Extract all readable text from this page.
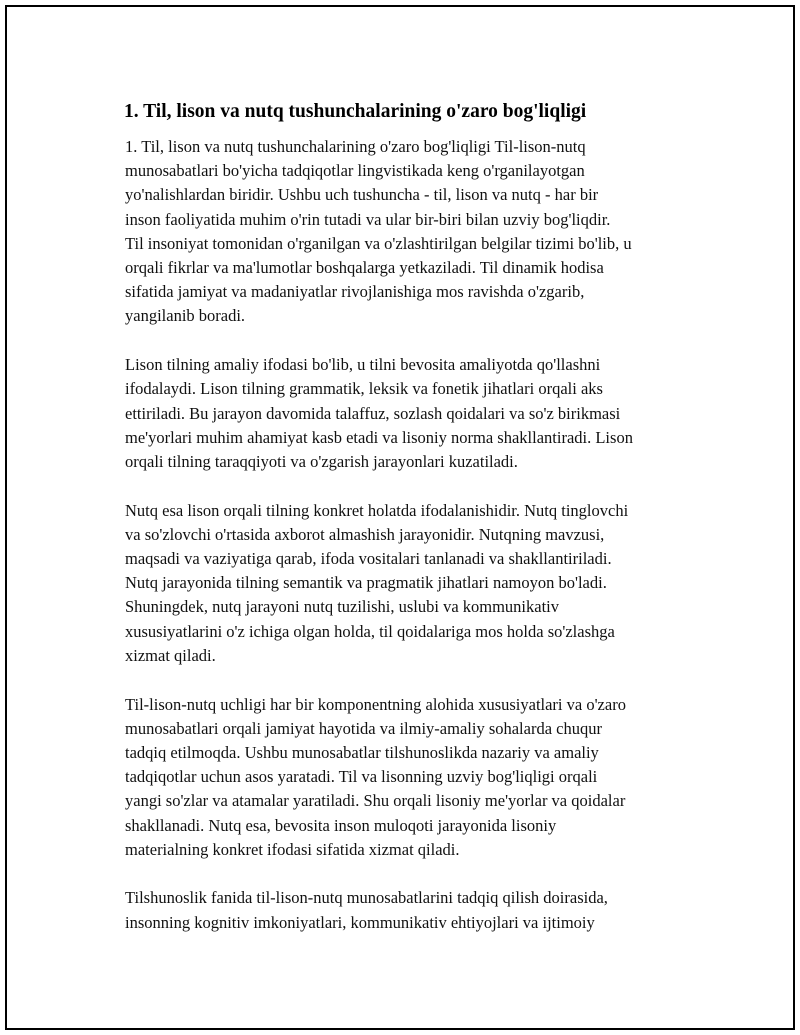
1. Til, lison va nutq tushunchalarining o'zaro bog'liqligi

1. Til, lison va nutq tushunchalarining o'zaro bog'liqligi Til-lison-nutq
munosabatlari bo'yicha tadqiqotlar lingvistikada keng o'rganilayotgan
yo'nalishlardan biridir. Ushbu uch tushuncha - til, lison va nutq - har bir
inson faoliyatida muhim o'rin tutadi va ular bir-biri bilan uzviy bog'liqdir.
Til insoniyat tomonidan o'rganilgan va o'zlashtirilgan belgilar tizimi bo'lib, u
orqali fikrlar va ma'lumotlar boshqalarga yetkaziladi. Til dinamik hodisa
sifatida jamiyat va madaniyatlar rivojlanishiga mos ravishda o'zgarib,
yangilanib boradi.

Lison tilning amaliy ifodasi bo'lib, u tilni bevosita amaliyotda qo'llashni
ifodalaydi. Lison tilning grammatik, leksik va fonetik jihatlari orqali aks
ettiriladi. Bu jarayon davomida talaffuz, sozlash qoidalari va so'z birikmasi
me'yorlari muhim ahamiyat kasb etadi va lisoniy norma shakllantiradi. Lison
orqali tilning taraqqiyoti va o'zgarish jarayonlari kuzatiladi.

Nutq esa lison orqali tilning konkret holatda ifodalanishidir. Nutq tinglovchi
va so'zlovchi o'rtasida axborot almashish jarayonidir. Nutqning mavzusi,
maqsadi va vaziyatiga qarab, ifoda vositalari tanlanadi va shakllantiriladi.
Nutq jarayonida tilning semantik va pragmatik jihatlari namoyon bo'ladi.
Shuningdek, nutq jarayoni nutq tuzilishi, uslubi va kommunikativ
xususiyatlarini o'z ichiga olgan holda, til qoidalariga mos holda so'zlashga
xizmat qiladi.

Til-lison-nutq uchligi har bir komponentning alohida xususiyatlari va o'zaro
munosabatlari orqali jamiyat hayotida va ilmiy-amaliy sohalarda chuqur
tadqiq etilmoqda. Ushbu munosabatlar tilshunoslikda nazariy va amaliy
tadqiqotlar uchun asos yaratadi. Til va lisonning uzviy bog'liqligi orqali
yangi so'zlar va atamalar yaratiladi. Shu orqali lisoniy me'yorlar va qoidalar
shakllanadi. Nutq esa, bevosita inson muloqoti jarayonida lisoniy
materialning konkret ifodasi sifatida xizmat qiladi.

Tilshunoslik fanida til-lison-nutq munosabatlarini tadqiq qilish doirasida,
insonning kognitiv imkoniyatlari, kommunikativ ehtiyojlari va ijtimoiy
